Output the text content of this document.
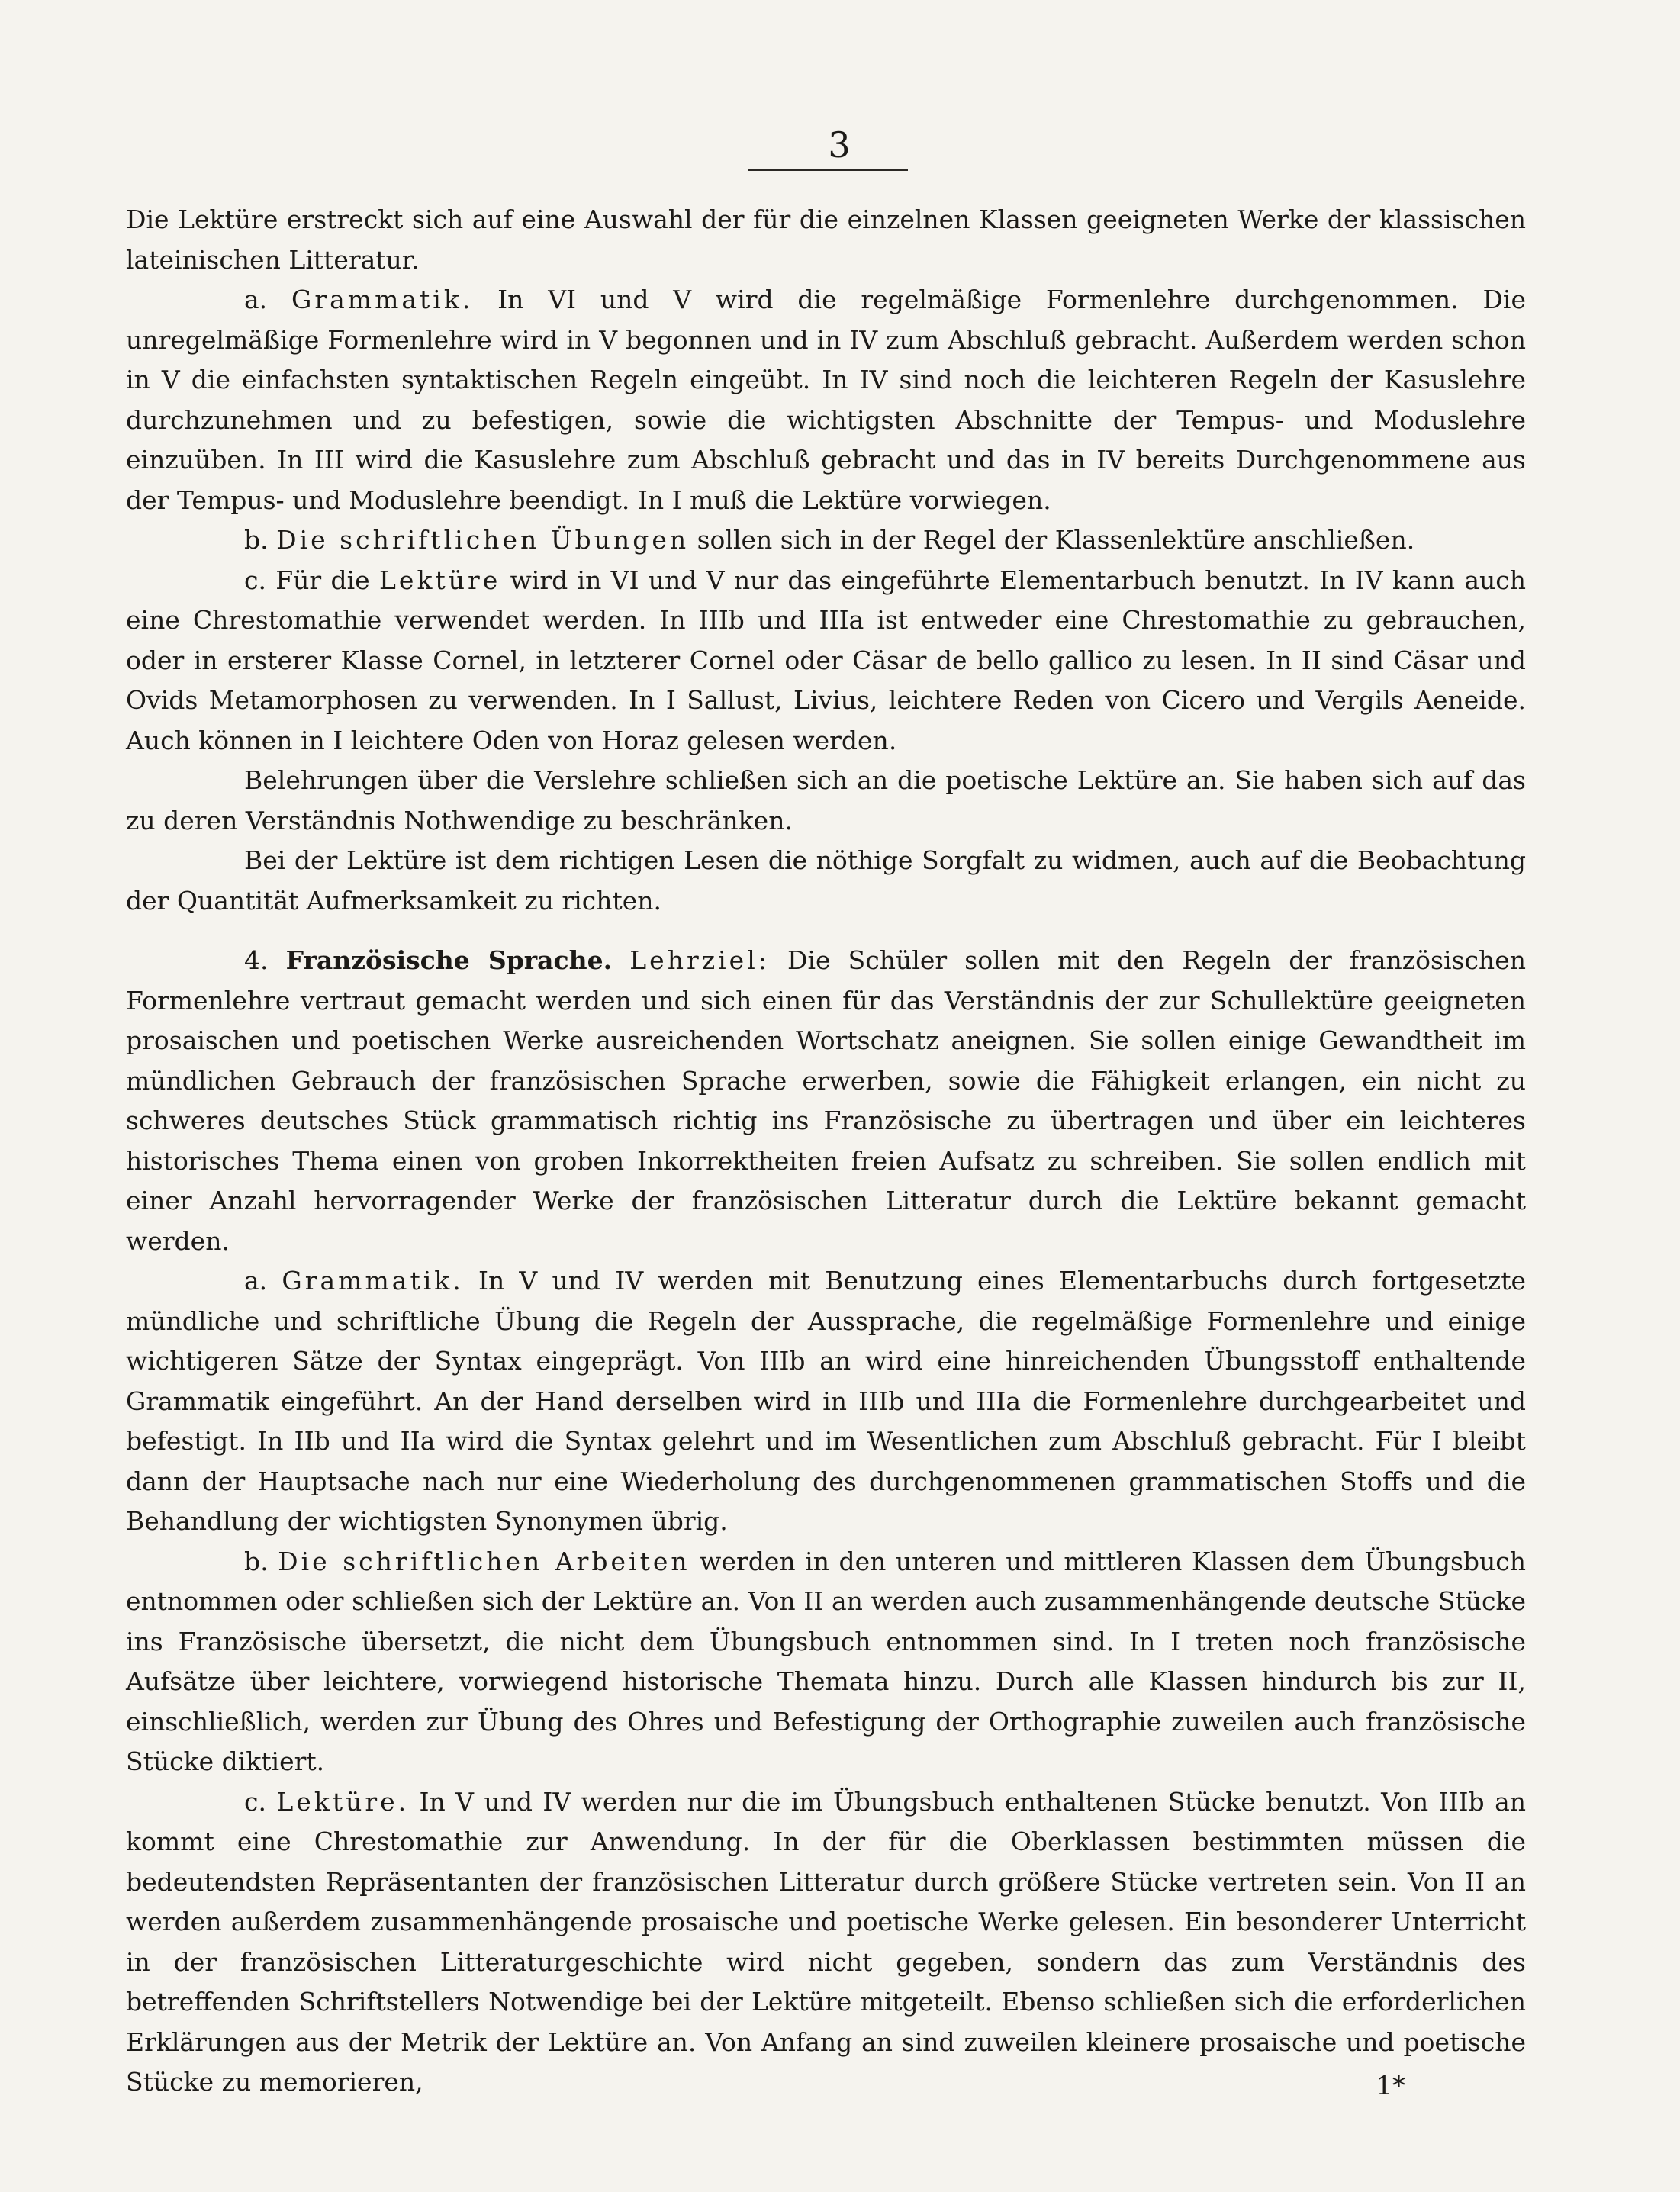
3

Die Lektüre erstreckt sich auf eine Auswahl der für die einzelnen Klassen geeigneten Werke der klassischen lateinischen Litteratur.

a. Grammatik. In VI und V wird die regelmäßige Formenlehre durchgenommen. Die unregelmäßige Formenlehre wird in V begonnen und in IV zum Abschluß gebracht. Außerdem werden schon in V die einfachsten syntaktischen Regeln eingeübt. In IV sind noch die leichteren Regeln der Kasuslehre durchzunehmen und zu befestigen, sowie die wichtigsten Abschnitte der Tempus- und Moduslehre einzuüben. In III wird die Kasuslehre zum Abschluß gebracht und das in IV bereits Durchgenommene aus der Tempus- und Moduslehre beendigt. In I muß die Lektüre vorwiegen.

b. Die schriftlichen Übungen sollen sich in der Regel der Klassenlektüre anschließen.

c. Für die Lektüre wird in VI und V nur das eingeführte Elementarbuch benutzt. In IV kann auch eine Chrestomathie verwendet werden. In IIIb und IIIa ist entweder eine Chrestomathie zu gebrauchen, oder in ersterer Klasse Cornel, in letzterer Cornel oder Cäsar de bello gallico zu lesen. In II sind Cäsar und Ovids Metamorphosen zu verwenden. In I Sallust, Livius, leichtere Reden von Cicero und Vergils Aeneide. Auch können in I leichtere Oden von Horaz gelesen werden.

Belehrungen über die Verslehre schließen sich an die poetische Lektüre an. Sie haben sich auf das zu deren Verständnis Nothwendige zu beschränken.

Bei der Lektüre ist dem richtigen Lesen die nöthige Sorgfalt zu widmen, auch auf die Beobachtung der Quantität Aufmerksamkeit zu richten.

4. Französische Sprache. Lehrziel: Die Schüler sollen mit den Regeln der französischen Formenlehre vertraut gemacht werden und sich einen für das Verständnis der zur Schullektüre geeigneten prosaischen und poetischen Werke ausreichenden Wortschatz aneignen. Sie sollen einige Gewandtheit im mündlichen Gebrauch der französischen Sprache erwerben, sowie die Fähigkeit erlangen, ein nicht zu schweres deutsches Stück grammatisch richtig ins Französische zu übertragen und über ein leichteres historisches Thema einen von groben Inkorrektheiten freien Aufsatz zu schreiben. Sie sollen endlich mit einer Anzahl hervorragender Werke der französischen Litteratur durch die Lektüre bekannt gemacht werden.

a. Grammatik. In V und IV werden mit Benutzung eines Elementarbuchs durch fortgesetzte mündliche und schriftliche Übung die Regeln der Aussprache, die regelmäßige Formenlehre und einige wichtigeren Sätze der Syntax eingeprägt. Von IIIb an wird eine hinreichenden Übungsstoff enthaltende Grammatik eingeführt. An der Hand derselben wird in IIIb und IIIa die Formenlehre durchgearbeitet und befestigt. In IIb und IIa wird die Syntax gelehrt und im Wesentlichen zum Abschluß gebracht. Für I bleibt dann der Hauptsache nach nur eine Wiederholung des durchgenommenen grammatischen Stoffs und die Behandlung der wichtigsten Synonymen übrig.

b. Die schriftlichen Arbeiten werden in den unteren und mittleren Klassen dem Übungsbuch entnommen oder schließen sich der Lektüre an. Von II an werden auch zusammenhängende deutsche Stücke ins Französische übersetzt, die nicht dem Übungsbuch entnommen sind. In I treten noch französische Aufsätze über leichtere, vorwiegend historische Themata hinzu. Durch alle Klassen hindurch bis zur II, einschließlich, werden zur Übung des Ohres und Befestigung der Orthographie zuweilen auch französische Stücke diktiert.

c. Lektüre. In V und IV werden nur die im Übungsbuch enthaltenen Stücke benutzt. Von IIIb an kommt eine Chrestomathie zur Anwendung. In der für die Oberklassen bestimmten müssen die bedeutendsten Repräsentanten der französischen Litteratur durch größere Stücke vertreten sein. Von II an werden außerdem zusammenhängende prosaische und poetische Werke gelesen. Ein besonderer Unterricht in der französischen Litteraturgeschichte wird nicht gegeben, sondern das zum Verständnis des betreffenden Schriftstellers Notwendige bei der Lektüre mitgeteilt. Ebenso schließen sich die erforderlichen Erklärungen aus der Metrik der Lektüre an. Von Anfang an sind zuweilen kleinere prosaische und poetische Stücke zu memorieren,	1*
